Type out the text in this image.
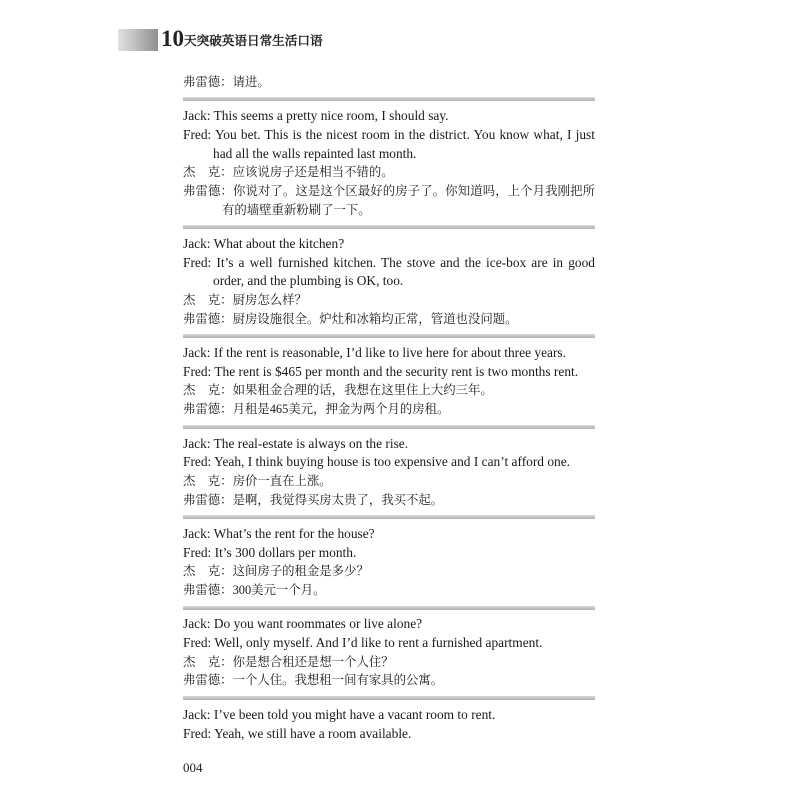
10 天突破英语日常生活口语
弗雷德：请进。
Jack: This seems a pretty nice room, I should say.
Fred: You bet. This is the nicest room in the district. You know what, I just
had all the walls repainted last month.
杰　克：应该说房子还是相当不错的。
弗雷德：你说对了。这是这个区最好的房子了。你知道吗，上个月我刚把所
有的墙壁重新粉刷了一下。
Jack: What about the kitchen?
Fred: It’s a well furnished kitchen. The stove and the ice-box are in good
order, and the plumbing is OK, too.
杰　克：厨房怎么样？
弗雷德：厨房设施很全。炉灶和冰箱均正常，管道也没问题。
Jack: If the rent is reasonable, I’d like to live here for about three years.
Fred: The rent is $465 per month and the security rent is two months rent.
杰　克：如果租金合理的话，我想在这里住上大约三年。
弗雷德：月租是465美元，押金为两个月的房租。
Jack: The real-estate is always on the rise.
Fred: Yeah, I think buying house is too expensive and I can’t afford one.
杰　克：房价一直在上涨。
弗雷德：是啊，我觉得买房太贵了，我买不起。
Jack: What’s the rent for the house?
Fred: It’s 300 dollars per month.
杰　克：这间房子的租金是多少？
弗雷德：300美元一个月。
Jack: Do you want roommates or live alone?
Fred: Well, only myself. And I’d like to rent a furnished apartment.
杰　克：你是想合租还是想一个人住？
弗雷德：一个人住。我想租一间有家具的公寓。
Jack: I’ve been told you might have a vacant room to rent.
Fred: Yeah, we still have a room available.
004
